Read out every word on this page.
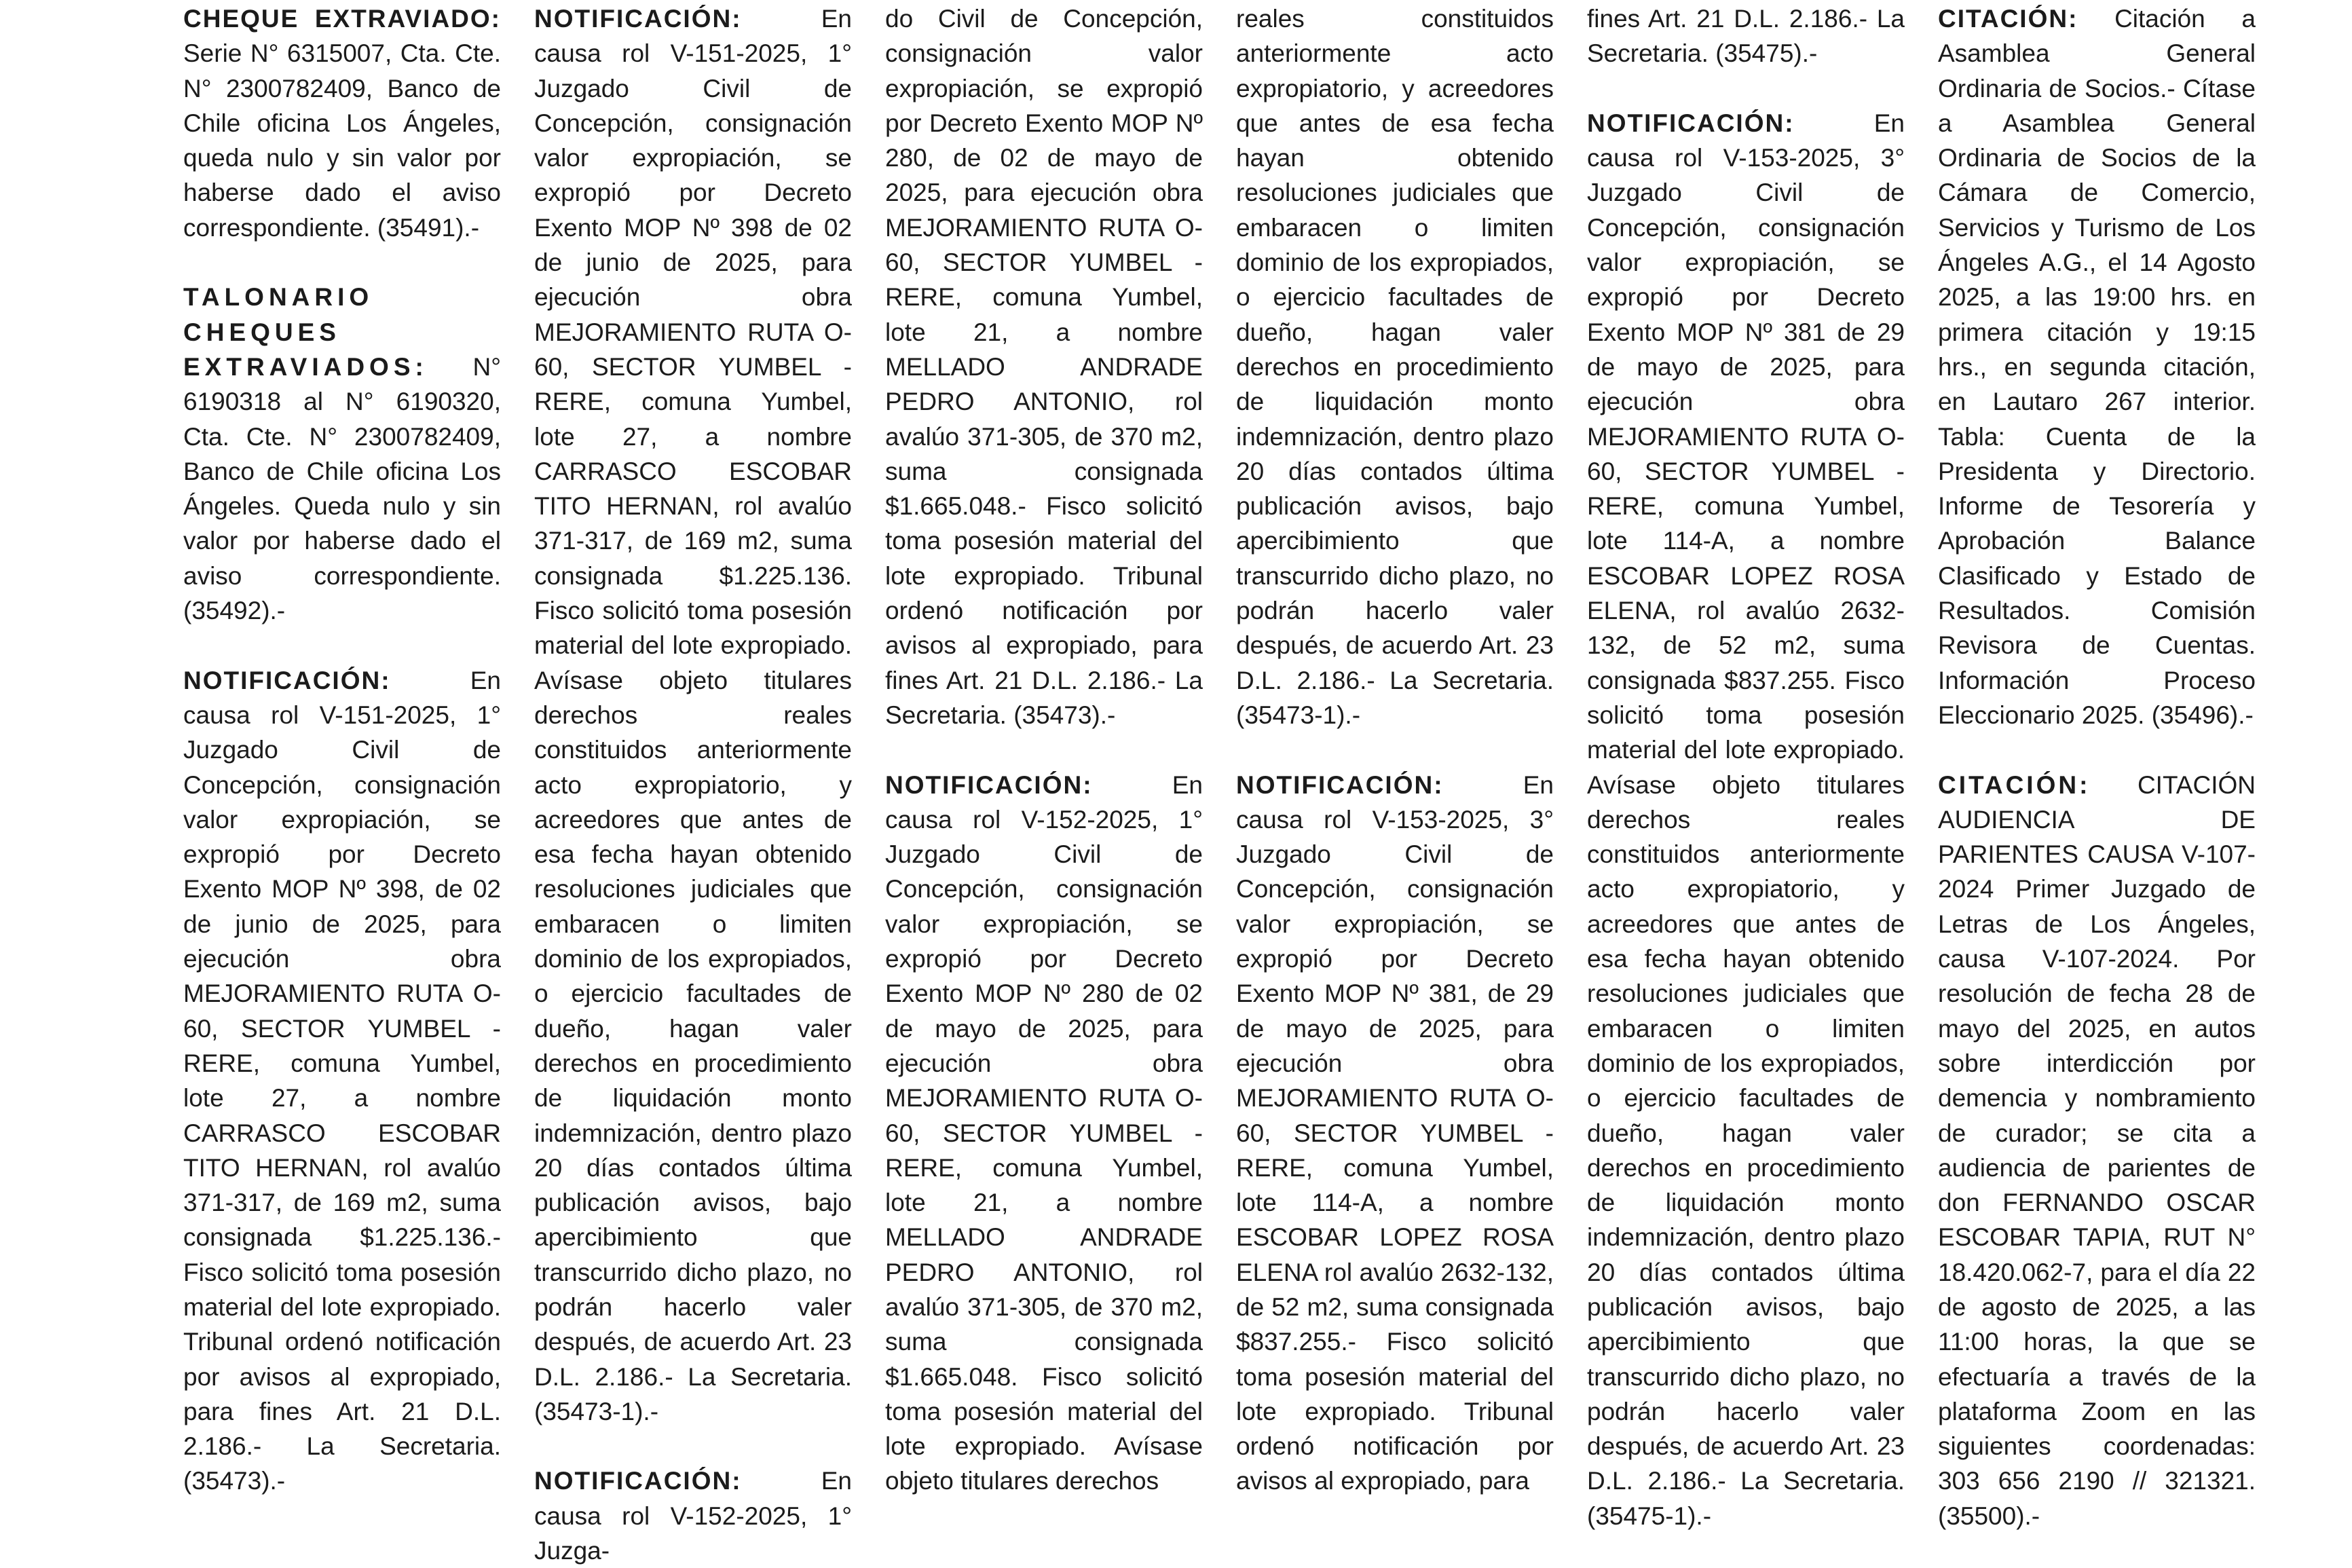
CHEQUE EXTRAVIADO: Serie N° 6315007, Cta. Cte. N° 2300782409, Banco de Chile oficina Los Ángeles, queda nulo y sin valor por haberse dado el aviso correspondiente. (35491).-

TALONARIO CHEQUES EXTRAVIADOS: N° 6190318 al N° 6190320, Cta. Cte. N° 2300782409, Banco de Chile oficina Los Ángeles. Queda nulo y sin valor por haberse dado el aviso correspondiente. (35492).-

NOTIFICACIÓN: En causa rol V-151-2025, 1° Juzgado Civil de Concepción, consignación valor expropiación, se expropió por Decreto Exento MOP Nº 398, de 02 de junio de 2025, para ejecución obra MEJORAMIENTO RUTA O-60, SECTOR YUMBEL - RERE, comuna Yumbel, lote 27, a nombre CARRASCO ESCOBAR TITO HERNAN, rol avalúo 371-317, de 169 m2, suma consignada $1.225.136.- Fisco solicitó toma posesión material del lote expropiado. Tribunal ordenó notificación por avisos al expropiado, para fines Art. 21 D.L. 2.186.- La Secretaria. (35473).-

NOTIFICACIÓN: En causa rol V-151-2025, 1° Juzgado Civil de Concepción, consignación valor expropiación, se expropió por Decreto Exento MOP Nº 398 de 02 de junio de 2025, para ejecución obra MEJORAMIENTO RUTA O-60, SECTOR YUMBEL - RERE, comuna Yumbel, lote 27, a nombre CARRASCO ESCOBAR TITO HERNAN, rol avalúo 371-317, de 169 m2, suma consignada $1.225.136. Fisco solicitó toma posesión material del lote expropiado. Avísase objeto titulares derechos reales constituidos anteriormente acto expropiatorio, y acreedores que antes de esa fecha hayan obtenido resoluciones judiciales que embaracen o limiten dominio de los expropiados, o ejercicio facultades de dueño, hagan valer derechos en procedimiento de liquidación monto indemnización, dentro plazo 20 días contados última publicación avisos, bajo apercibimiento que transcurrido dicho plazo, no podrán hacerlo valer después, de acuerdo Art. 23 D.L. 2.186.- La Secretaria. (35473-1).-

NOTIFICACIÓN: En causa rol V-152-2025, 1° Juzga-

do Civil de Concepción, consignación valor expropiación, se expropió por Decreto Exento MOP Nº 280, de 02 de mayo de 2025, para ejecución obra MEJORAMIENTO RUTA O-60, SECTOR YUMBEL - RERE, comuna Yumbel, lote 21, a nombre MELLADO ANDRADE PEDRO ANTONIO, rol avalúo 371-305, de 370 m2, suma consignada $1.665.048.- Fisco solicitó toma posesión material del lote expropiado. Tribunal ordenó notificación por avisos al expropiado, para fines Art. 21 D.L. 2.186.- La Secretaria. (35473).-

NOTIFICACIÓN: En causa rol V-152-2025, 1° Juzgado Civil de Concepción, consignación valor expropiación, se expropió por Decreto Exento MOP Nº 280 de 02 de mayo de 2025, para ejecución obra MEJORAMIENTO RUTA O-60, SECTOR YUMBEL - RERE, comuna Yumbel, lote 21, a nombre MELLADO ANDRADE PEDRO ANTONIO, rol avalúo 371-305, de 370 m2, suma consignada $1.665.048. Fisco solicitó toma posesión material del lote expropiado. Avísase objeto titulares derechos

reales constituidos anteriormente acto expropiatorio, y acreedores que antes de esa fecha hayan obtenido resoluciones judiciales que embaracen o limiten dominio de los expropiados, o ejercicio facultades de dueño, hagan valer derechos en procedimiento de liquidación monto indemnización, dentro plazo 20 días contados última publicación avisos, bajo apercibimiento que transcurrido dicho plazo, no podrán hacerlo valer después, de acuerdo Art. 23 D.L. 2.186.- La Secretaria. (35473-1).-

NOTIFICACIÓN: En causa rol V-153-2025, 3° Juzgado Civil de Concepción, consignación valor expropiación, se expropió por Decreto Exento MOP Nº 381, de 29 de mayo de 2025, para ejecución obra MEJORAMIENTO RUTA O-60, SECTOR YUMBEL - RERE, comuna Yumbel, lote 114-A, a nombre ESCOBAR LOPEZ ROSA ELENA rol avalúo 2632-132, de 52 m2, suma consignada $837.255.- Fisco solicitó toma posesión material del lote expropiado. Tribunal ordenó notificación por avisos al expropiado, para

fines Art. 21 D.L. 2.186.- La Secretaria. (35475).-

NOTIFICACIÓN: En causa rol V-153-2025, 3° Juzgado Civil de Concepción, consignación valor expropiación, se expropió por Decreto Exento MOP Nº 381 de 29 de mayo de 2025, para ejecución obra MEJORAMIENTO RUTA O-60, SECTOR YUMBEL - RERE, comuna Yumbel, lote 114-A, a nombre ESCOBAR LOPEZ ROSA ELENA, rol avalúo 2632-132, de 52 m2, suma consignada $837.255. Fisco solicitó toma posesión material del lote expropiado. Avísase objeto titulares derechos reales constituidos anteriormente acto expropiatorio, y acreedores que antes de esa fecha hayan obtenido resoluciones judiciales que embaracen o limiten dominio de los expropiados, o ejercicio facultades de dueño, hagan valer derechos en procedimiento de liquidación monto indemnización, dentro plazo 20 días contados última publicación avisos, bajo apercibimiento que transcurrido dicho plazo, no podrán hacerlo valer después, de acuerdo Art. 23 D.L. 2.186.- La Secretaria. (35475-1).-

CITACIÓN: Citación a Asamblea General Ordinaria de Socios.- Cítase a Asamblea General Ordinaria de Socios de la Cámara de Comercio, Servicios y Turismo de Los Ángeles A.G., el 14 Agosto 2025, a las 19:00 hrs. en primera citación y 19:15 hrs., en segunda citación, en Lautaro 267 interior. Tabla: Cuenta de la Presidenta y Directorio. Informe de Tesorería y Aprobación Balance Clasificado y Estado de Resultados. Comisión Revisora de Cuentas. Información Proceso Eleccionario 2025. (35496).-

CITACIÓN: CITACIÓN AUDIENCIA DE PARIENTES CAUSA V-107-2024 Primer Juzgado de Letras de Los Ángeles, causa V-107-2024. Por resolución de fecha 28 de mayo del 2025, en autos sobre interdicción por demencia y nombramiento de curador; se cita a audiencia de parientes de don FERNANDO OSCAR ESCOBAR TAPIA, RUT N° 18.420.062-7, para el día 22 de agosto de 2025, a las 11:00 horas, la que se efectuaría a través de la plataforma Zoom en las siguientes coordenadas: 303 656 2190 // 321321. (35500).-
